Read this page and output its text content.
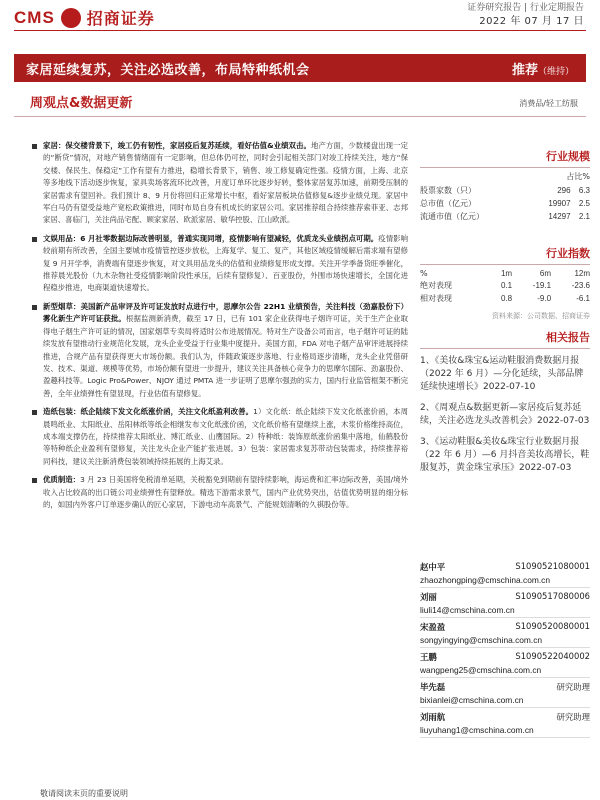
CMS 招商证券
证券研究报告 | 行业定期报告
2022 年 07 月 17 日
家居延续复苏，关注必选改善，布局特种纸机会	推荐（维持）
周观点&数据更新	消费品/轻工纺服

家居：保交楼背景下，竣工仍有韧性，家居疫后复苏延续，看好估值&业绩双击。地产方面，少数楼盘出现一定的“断贷”情况，对地产销售情绪面有一定影响，但总体仍可控，同时会引起相关部门对竣工持续关注，地方“保交楼、保民生、保稳定”工作有望有力推进，稳增长背景下，销售、竣工修复确定性强。疫情方面，上海、北京等多地线下活动逐步恢复，家具卖场客流环比改善，月度订单环比逐步好转，整体家居复苏加速，前期受压制的家居需求有望回补。我们预计 8、9 月份将回归正常增长中枢，看好家居板块估值修复&逐步业绩兑现。家居中军白马仍有望受益地产宽松政策推进，同时布局自身有机成长的家居公司。家居推荐组合持续推荐索菲亚、志邦家居、喜临门，关注尚品宅配、顾家家居、欧派家居、敏华控股、江山欧派。

文娱用品：6 月社零数据边际改善明显，普通实现同增，疫情影响有望减轻，优质龙头业绩拐点可期。疫情影响较前期有所改善，全国主要城市疫情管控逐步放松，上海复学、复工、复产，其他区域疫情缓解后需求端有望修复 9 月开学季，消费端有望逐步恢复，对文具用品龙头的估值和业绩修复形成支撑。关注开学季备货旺季催化，推荐晨光股份（九木杂物社受疫情影响阶段性承压，后续有望修复）、百亚股份，外围市场快速增长，全国化进程稳步推进，电商渠道快速增长。

新型烟草：美国新产品审评及许可证发放时点进行中，思摩尔公告 22H1 业绩预告，关注料技（劲嘉股份下）雾化新生产许可证获批。根据监测新消费，截至 17 日，已有 101 家企业获得电子烟许可证，关于生产企业取得电子烟生产许可证的情况，国家烟草专卖局将适时公布进展情况。特对生产设备公司而言，电子烟许可证的陆续发放有望推动行业规范化发展，龙头企业受益于行业集中度提升。美国方面，FDA 对电子烟产品审评进展持续推进，合规产品有望获得更大市场份额。我们认为，伴随政策逐步落地、行业格局逐步清晰，龙头企业凭借研发、技术、渠道、规模等优势，市场份额有望进一步提升，建议关注具备核心竞争力的思摩尔国际、劲嘉股份、盈趣科技等。Logic Pro&Power、NJOY 通过 PMTA 进一步证明了思摩尔强劲的实力，国内行业监管框架不断完善，全年业绩弹性有望显现，行业估值有望修复。

造纸包装：纸企陆续下发文化纸涨价函，关注文化纸盈利改善。1）文化纸：纸企陆续下发文化纸涨价函，本周晨鸣纸业、太阳纸业、岳阳林纸等纸企相继发布文化纸涨价函，文化纸价格有望继续上涨，木浆价格维持高位，成本端支撑仍在，持续推荐太阳纸业、博汇纸业、山鹰国际。2）特种纸：装饰原纸涨价函集中落地，仙鹤股份等特种纸企业盈利有望修复，关注龙头企业产能扩张进展。3）包装：家居需求复苏带动包装需求，持续推荐裕同科技，建议关注新消费包装领域持续拓展的上海艾录。

优质制造：3 月 23 日美国将免税清单延期，关税豁免到期前有望持续影响，海运费和汇率边际改善，美国/境外收入占比较高的出口链公司业绩弹性有望释放。精选下游需求景气，国内产业优势突出，估值优势明显的细分标的，如国内外客户订单逐步确认的匠心家居，下游电动车高景气、产能规划清晰的久祺股份等。

行业规模
占比%
股票家数（只）	296	6.3
总市值（亿元）	19907	2.5
流通市值（亿元）	14297	2.1
行业指数
%	1m	6m	12m
绝对表现	0.1	-19.1	-23.6
相对表现	0.8	-9.0	-6.1
资料来源：公司数据、招商证券
相关报告
1、《美妆&珠宝&运动鞋服消费数据月报（2022 年 6 月）—分化延续，头部品牌延续快速增长》2022-07-10
2、《周观点&数据更新—家居疫后复苏延续，关注必选龙头改善机会》2022-07-03
3、《运动鞋服&美妆&珠宝行业数据月报（22 年 6 月）—6 月抖音美妆高增长，鞋服复苏，黄金珠宝承压》2022-07-03
赵中平	S1090521080001
zhaozhongping@cmschina.com.cn
刘丽	S1090517080006
liuli14@cmschina.com.cn
宋盈盈	S1090520080001
songyingying@cmschina.com.cn
王鹏	S1090522040002
wangpeng25@cmschina.com.cn
毕先磊	研究助理
bixianlei@cmschina.com.cn
刘雨航	研究助理
liuyuhang1@cmschina.com.cn
敬请阅读末页的重要说明
